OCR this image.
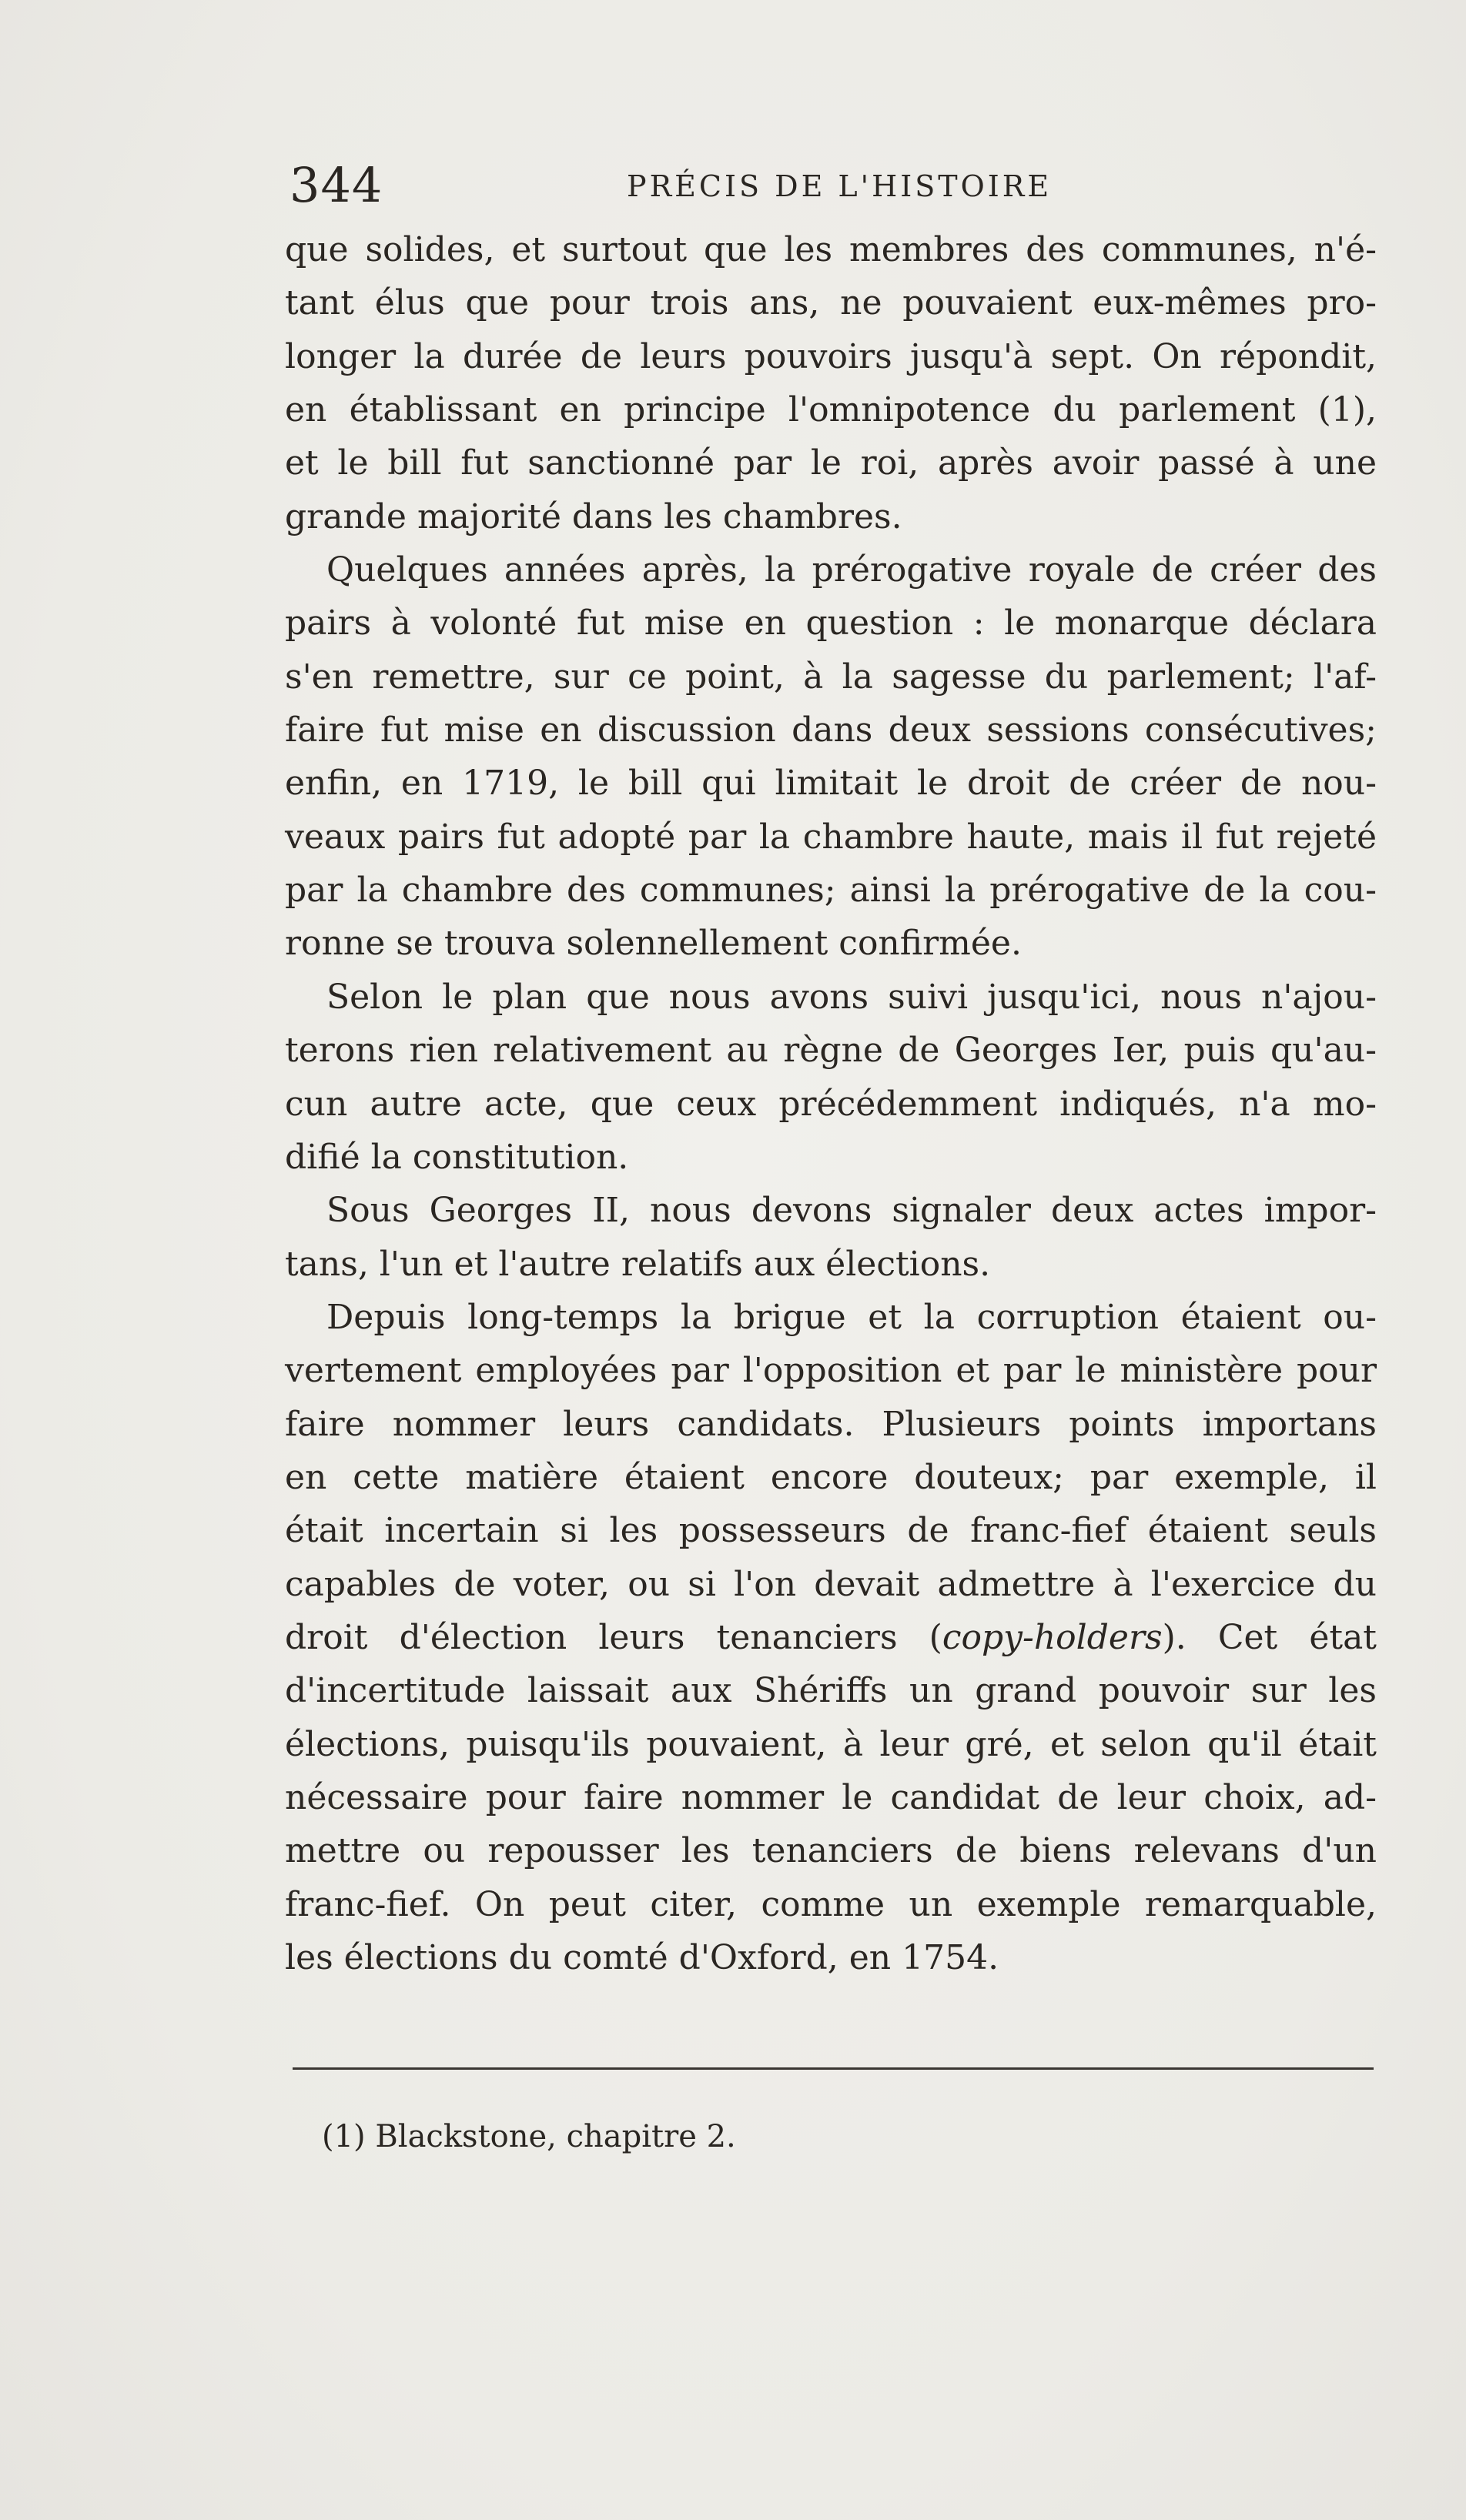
344	PRÉCIS DE L'HISTOIRE
que solides, et surtout que les membres des communes, n'é-
tant élus que pour trois ans, ne pouvaient eux-mêmes pro-
longer la durée de leurs pouvoirs jusqu'à sept. On répondit,
en établissant en principe l'omnipotence du parlement (1),
et le bill fut sanctionné par le roi, après avoir passé à une
grande majorité dans les chambres.
Quelques années après, la prérogative royale de créer des
pairs à volonté fut mise en question : le monarque déclara
s'en remettre, sur ce point, à la sagesse du parlement; l'af-
faire fut mise en discussion dans deux sessions consécutives;
enfin, en 1719, le bill qui limitait le droit de créer de nou-
veaux pairs fut adopté par la chambre haute, mais il fut rejeté
par la chambre des communes; ainsi la prérogative de la cou-
ronne se trouva solennellement confirmée.
Selon le plan que nous avons suivi jusqu'ici, nous n'ajou-
terons rien relativement au règne de Georges Ier, puis qu'au-
cun autre acte, que ceux précédemment indiqués, n'a mo-
difié la constitution.
Sous Georges II, nous devons signaler deux actes impor-
tans, l'un et l'autre relatifs aux élections.
Depuis long-temps la brigue et la corruption étaient ou-
vertement employées par l'opposition et par le ministère pour
faire nommer leurs candidats. Plusieurs points importans
en cette matière étaient encore douteux; par exemple, il
était incertain si les possesseurs de franc-fief étaient seuls
capables de voter, ou si l'on devait admettre à l'exercice du
droit d'élection leurs tenanciers (copy-holders). Cet état
d'incertitude laissait aux Shériffs un grand pouvoir sur les
élections, puisqu'ils pouvaient, à leur gré, et selon qu'il était
nécessaire pour faire nommer le candidat de leur choix, ad-
mettre ou repousser les tenanciers de biens relevans d'un
franc-fief. On peut citer, comme un exemple remarquable,
les élections du comté d'Oxford, en 1754.
(1) Blackstone, chapitre 2.
